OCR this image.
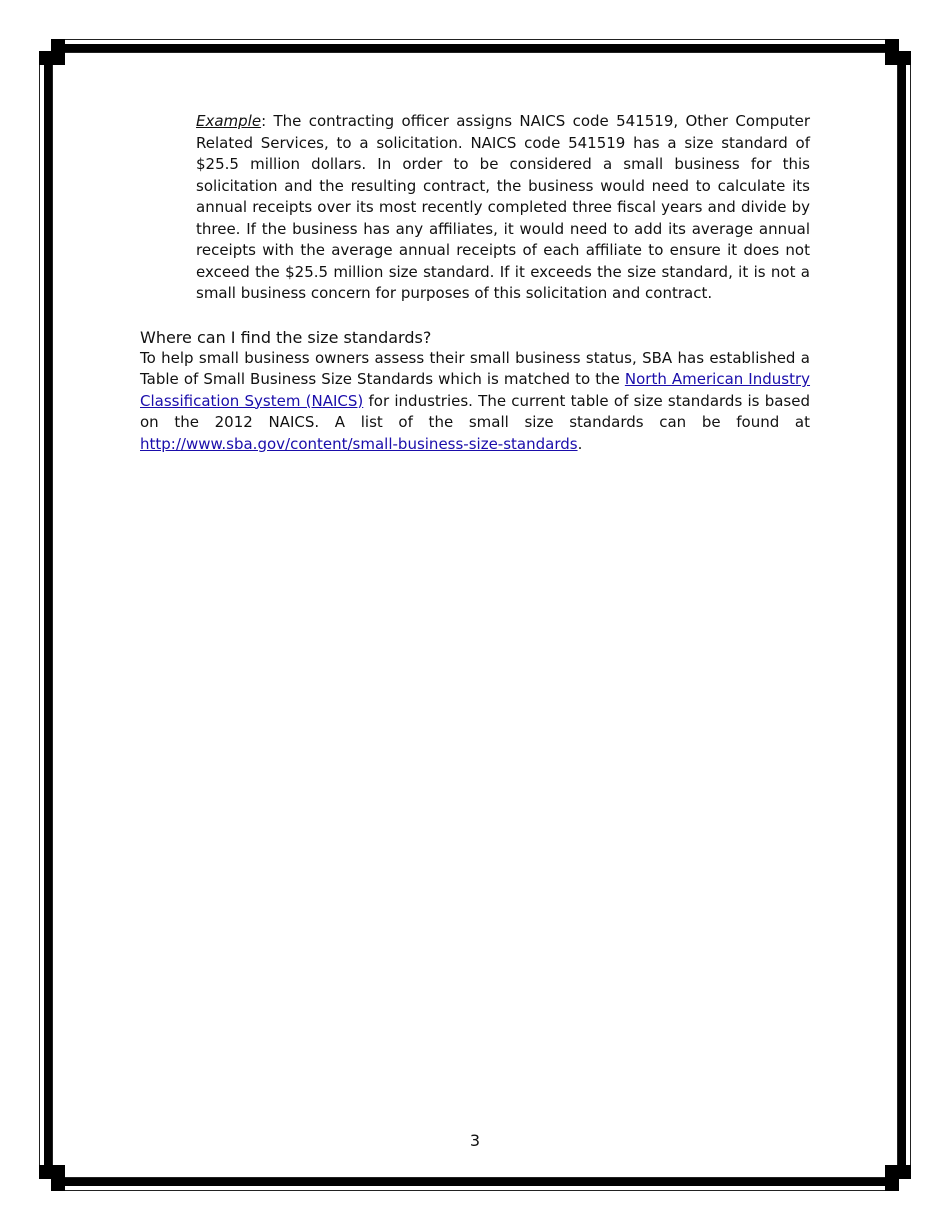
Example: The contracting officer assigns NAICS code 541519, Other Computer Related Services, to a solicitation. NAICS code 541519 has a size standard of $25.5 million dollars. In order to be considered a small business for this solicitation and the resulting contract, the business would need to calculate its annual receipts over its most recently completed three fiscal years and divide by three. If the business has any affiliates, it would need to add its average annual receipts with the average annual receipts of each affiliate to ensure it does not exceed the $25.5 million size standard. If it exceeds the size standard, it is not a small business concern for purposes of this solicitation and contract.

Where can I find the size standards?

To help small business owners assess their small business status, SBA has established a Table of Small Business Size Standards which is matched to the North American Industry Classification System (NAICS) for industries. The current table of size standards is based on the 2012 NAICS. A list of the small size standards can be found at http://www.sba.gov/content/small-business-size-standards.

3
